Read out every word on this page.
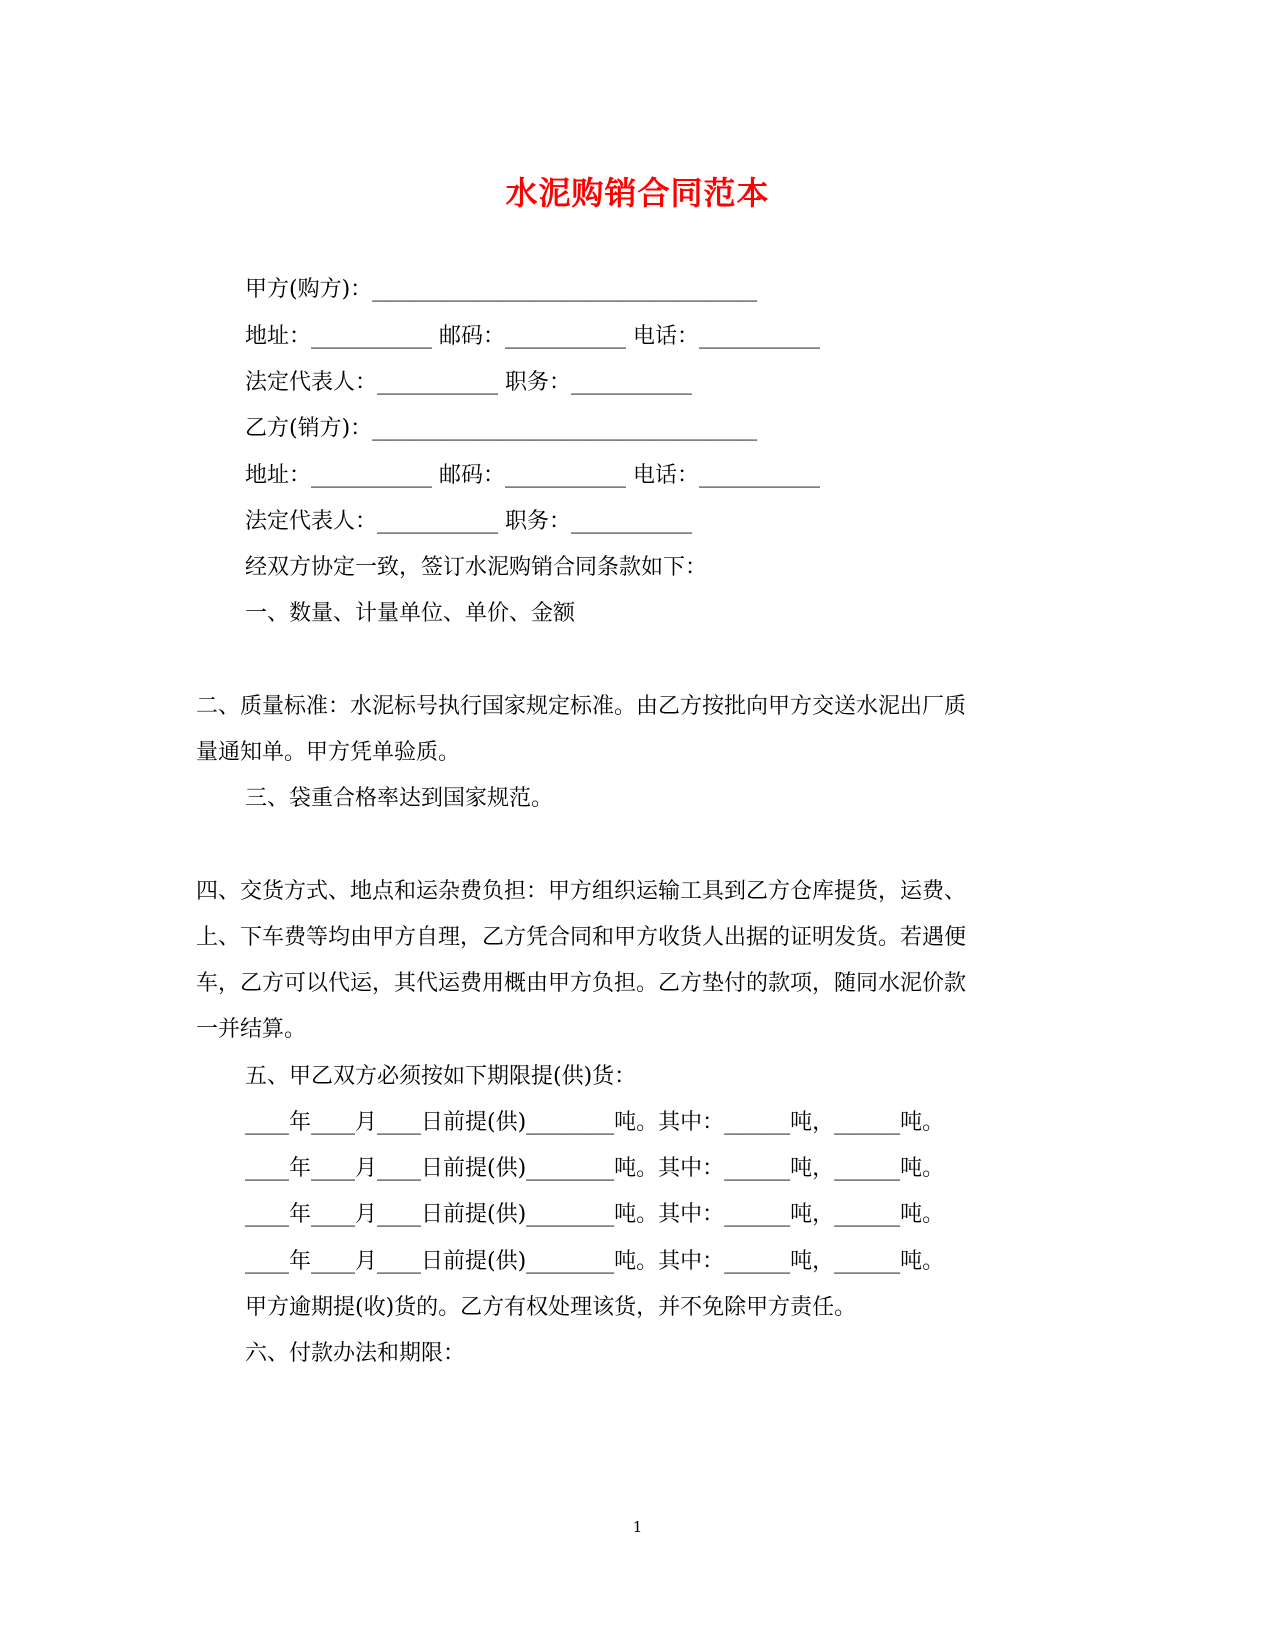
水泥购销合同范本
甲方(购方)：___________________________________
地址：___________ 邮码：___________ 电话：___________
法定代表人：___________ 职务：___________
乙方(销方)：___________________________________
地址：___________ 邮码：___________ 电话：___________
法定代表人：___________ 职务：___________
经双方协定一致，签订水泥购销合同条款如下：
一、数量、计量单位、单价、金额
二、质量标准：水泥标号执行国家规定标准。由乙方按批向甲方交送水泥出厂质
量通知单。甲方凭单验质。
三、袋重合格率达到国家规范。
四、交货方式、地点和运杂费负担：甲方组织运输工具到乙方仓库提货，运费、
上、下车费等均由甲方自理，乙方凭合同和甲方收货人出据的证明发货。若遇便
车，乙方可以代运，其代运费用概由甲方负担。乙方垫付的款项，随同水泥价款
一并结算。
五、甲乙双方必须按如下期限提(供)货：
____年____月____日前提(供)________吨。其中：______吨，______吨。
____年____月____日前提(供)________吨。其中：______吨，______吨。
____年____月____日前提(供)________吨。其中：______吨，______吨。
____年____月____日前提(供)________吨。其中：______吨，______吨。
甲方逾期提(收)货的。乙方有权处理该货，并不免除甲方责任。
六、付款办法和期限：
1
